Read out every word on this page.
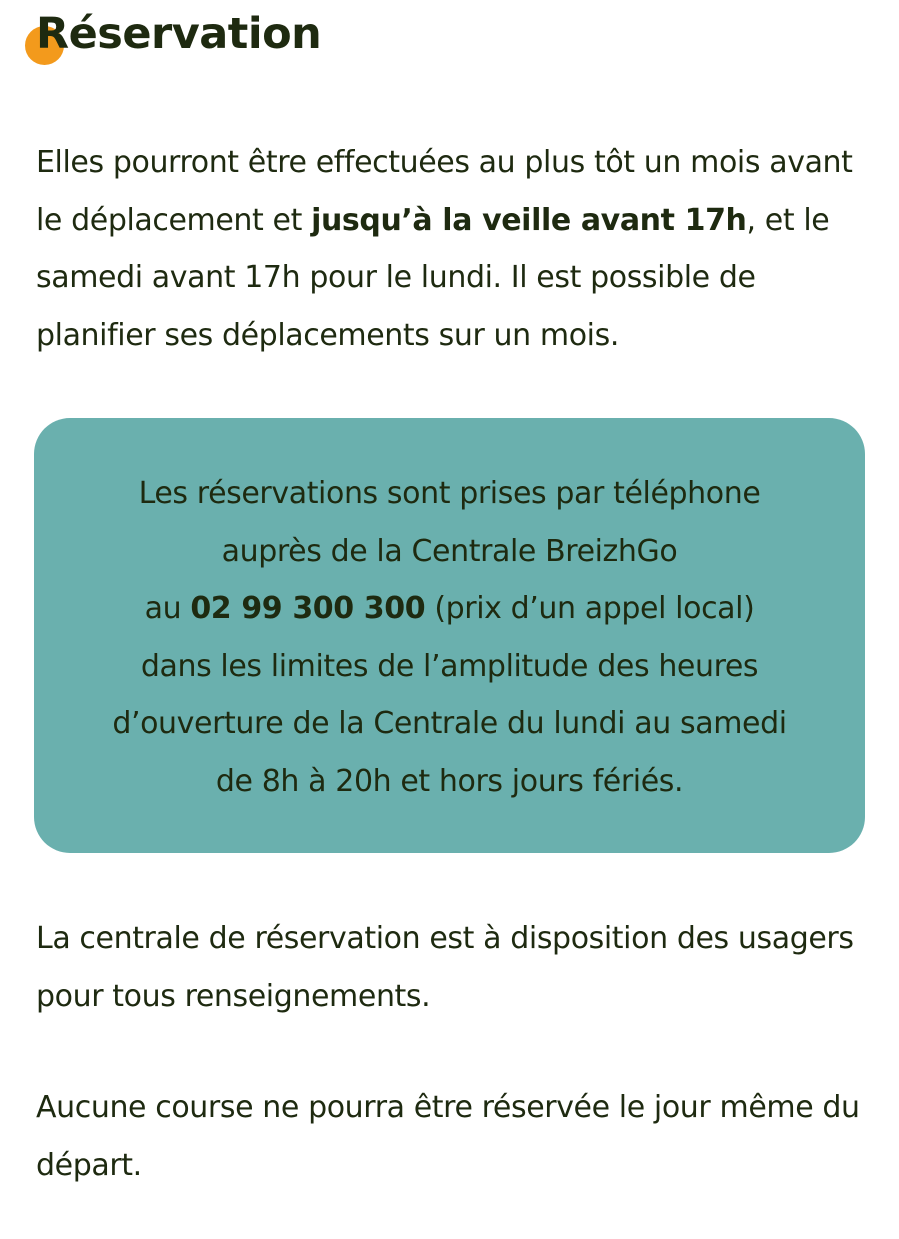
Réservation

Elles pourront être effectuées au plus tôt un mois avant le déplacement et jusqu’à la veille avant 17h, et le samedi avant 17h pour le lundi. Il est possible de planifier ses déplacements sur un mois.

Les réservations sont prises par téléphone
auprès de la Centrale BreizhGo
au 02 99 300 300 (prix d’un appel local)
dans les limites de l’amplitude des heures
d’ouverture de la Centrale du lundi au samedi
de 8h à 20h et hors jours fériés.

La centrale de réservation est à disposition des usagers pour tous renseignements.

Aucune course ne pourra être réservée le jour même du départ.
